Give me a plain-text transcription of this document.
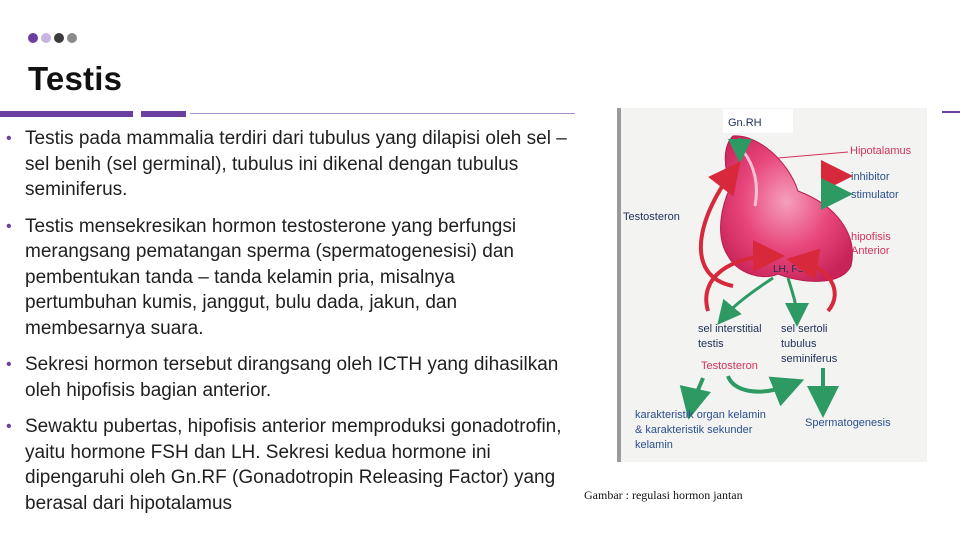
Testis
• Testis pada mammalia terdiri dari tubulus yang dilapisi oleh sel – sel benih (sel germinal), tubulus ini dikenal dengan tubulus seminiferus.
• Testis mensekresikan hormon testosterone yang berfungsi merangsang pematangan sperma (spermatogenesisi) dan pembentukan tanda – tanda kelamin pria, misalnya pertumbuhan kumis, janggut, bulu dada, jakun, dan membesarnya suara.
• Sekresi hormon tersebut dirangsang oleh ICTH yang dihasilkan oleh hipofisis bagian anterior.
• Sewaktu pubertas, hipofisis anterior memproduksi gonadotrofin, yaitu hormone FSH dan LH. Sekresi kedua hormone ini dipengaruhi oleh Gn.RF (Gonadotropin Releasing Factor) yang berasal dari hipotalamus
Gn.RH
Hipotalamus
inhibitor
stimulator
Testosteron
hipofisis
Anterior
LH, FSH
sel interstitial
testis
sel sertoli
tubulus
seminiferus
Testosteron
karakteristik organ kelamin
& karakteristik sekunder
kelamin
Spermatogenesis
Gambar : regulasi hormon jantan
